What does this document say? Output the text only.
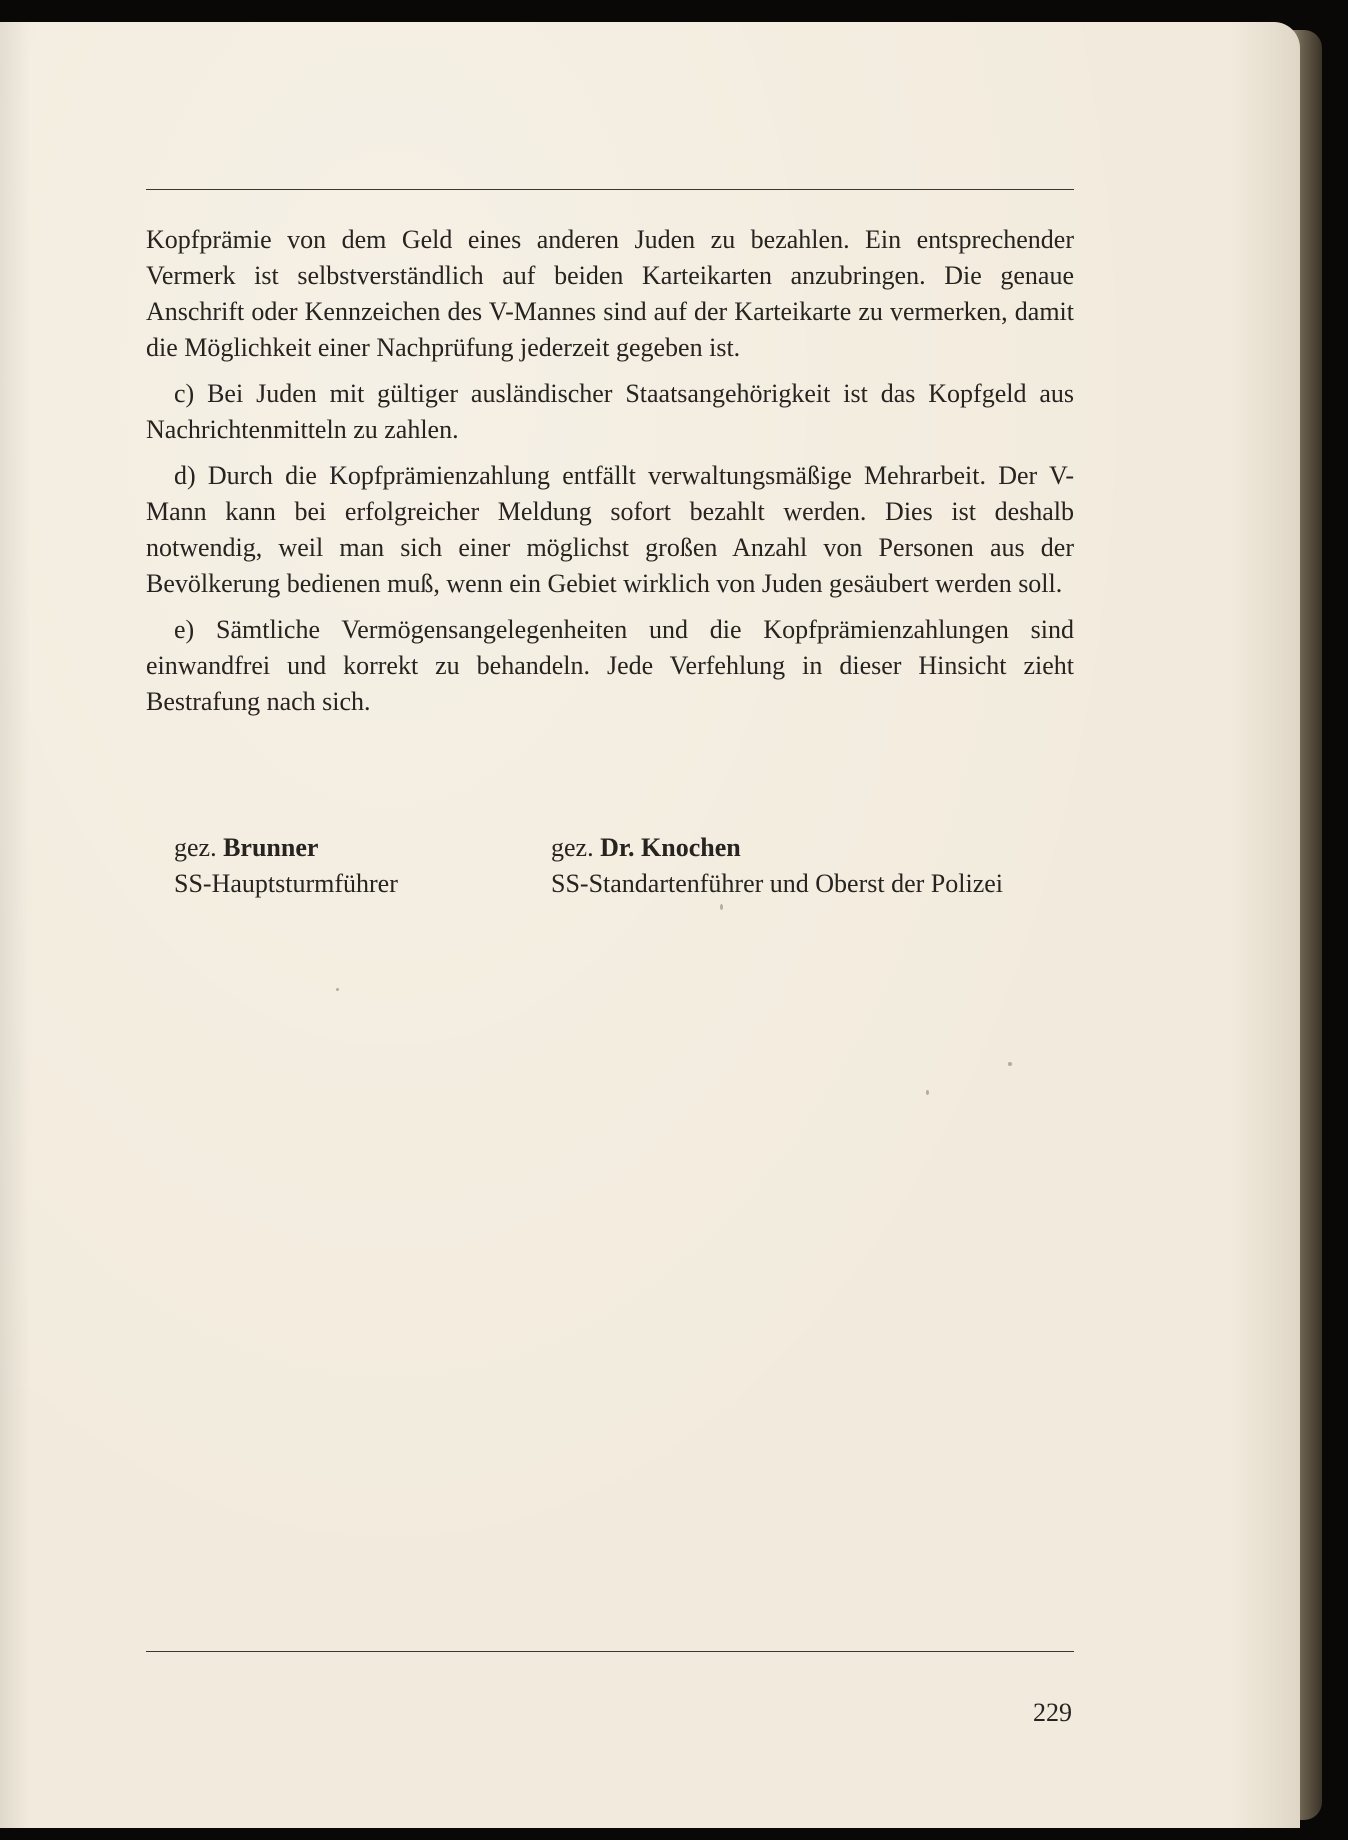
Kopfprämie von dem Geld eines anderen Juden zu bezahlen. Ein entsprechender Vermerk ist selbstverständlich auf beiden Karteikarten anzubringen. Die genaue Anschrift oder Kennzeichen des V-Mannes sind auf der Karteikarte zu vermerken, damit die Möglichkeit einer Nachprüfung jederzeit gegeben ist.

c) Bei Juden mit gültiger ausländischer Staatsangehörigkeit ist das Kopfgeld aus Nachrichtenmitteln zu zahlen.

d) Durch die Kopfprämienzahlung entfällt verwaltungsmäßige Mehrarbeit. Der V-Mann kann bei erfolgreicher Meldung sofort bezahlt werden. Dies ist deshalb notwendig, weil man sich einer möglichst großen Anzahl von Personen aus der Bevölkerung bedienen muß, wenn ein Gebiet wirklich von Juden gesäubert werden soll.

e) Sämtliche Vermögensangelegenheiten und die Kopfprämienzahlungen sind einwandfrei und korrekt zu behandeln. Jede Verfehlung in dieser Hinsicht zieht Bestrafung nach sich.

gez. Brunner
SS-Hauptsturmführer
gez. Dr. Knochen
SS-Standartenführer und Oberst der Polizei
229
